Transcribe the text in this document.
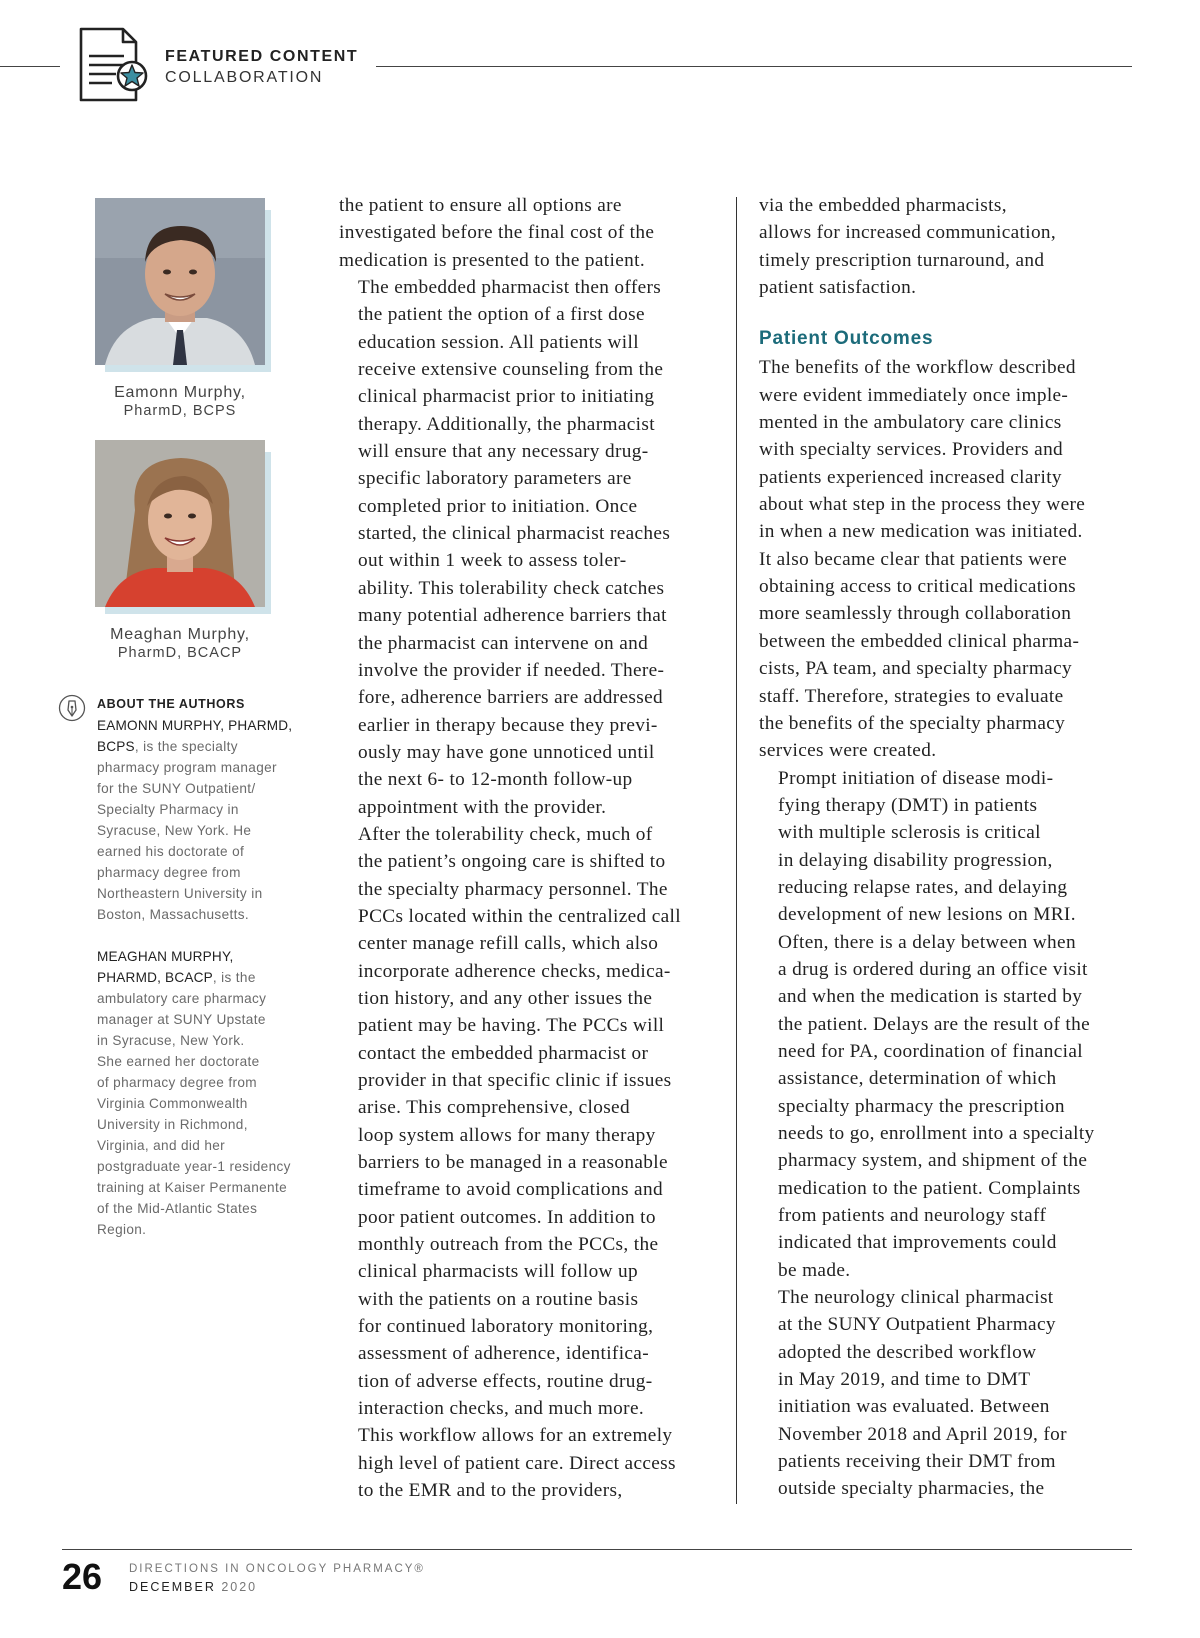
FEATURED CONTENT
COLLABORATION
Eamonn Murphy,
PharmD, BCPS
Meaghan Murphy,
PharmD, BCACP
ABOUT THE AUTHORS
EAMONN MURPHY, PHARMD,
BCPS, is the specialty
pharmacy program manager
for the SUNY Outpatient/
Specialty Pharmacy in
Syracuse, New York. He
earned his doctorate of
pharmacy degree from
Northeastern University in
Boston, Massachusetts.
MEAGHAN MURPHY,
PHARMD, BCACP, is the
ambulatory care pharmacy
manager at SUNY Upstate
in Syracuse, New York.
She earned her doctorate
of pharmacy degree from
Virginia Commonwealth
University in Richmond,
Virginia, and did her
postgraduate year-1 residency
training at Kaiser Permanente
of the Mid-Atlantic States
Region.

the patient to ensure all options are
investigated before the final cost of the
medication is presented to the patient.

The embedded pharmacist then offers
the patient the option of a first dose
education session. All patients will
receive extensive counseling from the
clinical pharmacist prior to initiating
therapy. Additionally, the pharmacist
will ensure that any necessary drug-
specific laboratory parameters are
completed prior to initiation. Once
started, the clinical pharmacist reaches
out within 1 week to assess toler-
ability. This tolerability check catches
many potential adherence barriers that
the pharmacist can intervene on and
involve the provider if needed. There-
fore, adherence barriers are addressed
earlier in therapy because they previ-
ously may have gone unnoticed until
the next 6- to 12-month follow-up
appointment with the provider.

After the tolerability check, much of
the patient’s ongoing care is shifted to
the specialty pharmacy personnel. The
PCCs located within the centralized call
center manage refill calls, which also
incorporate adherence checks, medica-
tion history, and any other issues the
patient may be having. The PCCs will
contact the embedded pharmacist or
provider in that specific clinic if issues
arise. This comprehensive, closed
loop system allows for many therapy
barriers to be managed in a reasonable
timeframe to avoid complications and
poor patient outcomes. In addition to
monthly outreach from the PCCs, the
clinical pharmacists will follow up
with the patients on a routine basis
for continued laboratory monitoring,
assessment of adherence, identifica-
tion of adverse effects, routine drug-
interaction checks, and much more.
This workflow allows for an extremely
high level of patient care. Direct access
to the EMR and to the providers,

via the embedded pharmacists,
allows for increased communication,
timely prescription turnaround, and
patient satisfaction.

Patient Outcomes

The benefits of the workflow described
were evident immediately once imple-
mented in the ambulatory care clinics
with specialty services. Providers and
patients experienced increased clarity
about what step in the process they were
in when a new medication was initiated.
It also became clear that patients were
obtaining access to critical medications
more seamlessly through collaboration
between the embedded clinical pharma-
cists, PA team, and specialty pharmacy
staff. Therefore, strategies to evaluate
the benefits of the specialty pharmacy
services were created.

Prompt initiation of disease modi-
fying therapy (DMT) in patients
with multiple sclerosis is critical
in delaying disability progression,
reducing relapse rates, and delaying
development of new lesions on MRI.
Often, there is a delay between when
a drug is ordered during an office visit
and when the medication is started by
the patient. Delays are the result of the
need for PA, coordination of financial
assistance, determination of which
specialty pharmacy the prescription
needs to go, enrollment into a specialty
pharmacy system, and shipment of the
medication to the patient. Complaints
from patients and neurology staff
indicated that improvements could
be made.

The neurology clinical pharmacist
at the SUNY Outpatient Pharmacy
adopted the described workflow
in May 2019, and time to DMT
initiation was evaluated. Between
November 2018 and April 2019, for
patients receiving their DMT from
outside specialty pharmacies, the

26 DIRECTIONS IN ONCOLOGY PHARMACY®
DECEMBER 2020
